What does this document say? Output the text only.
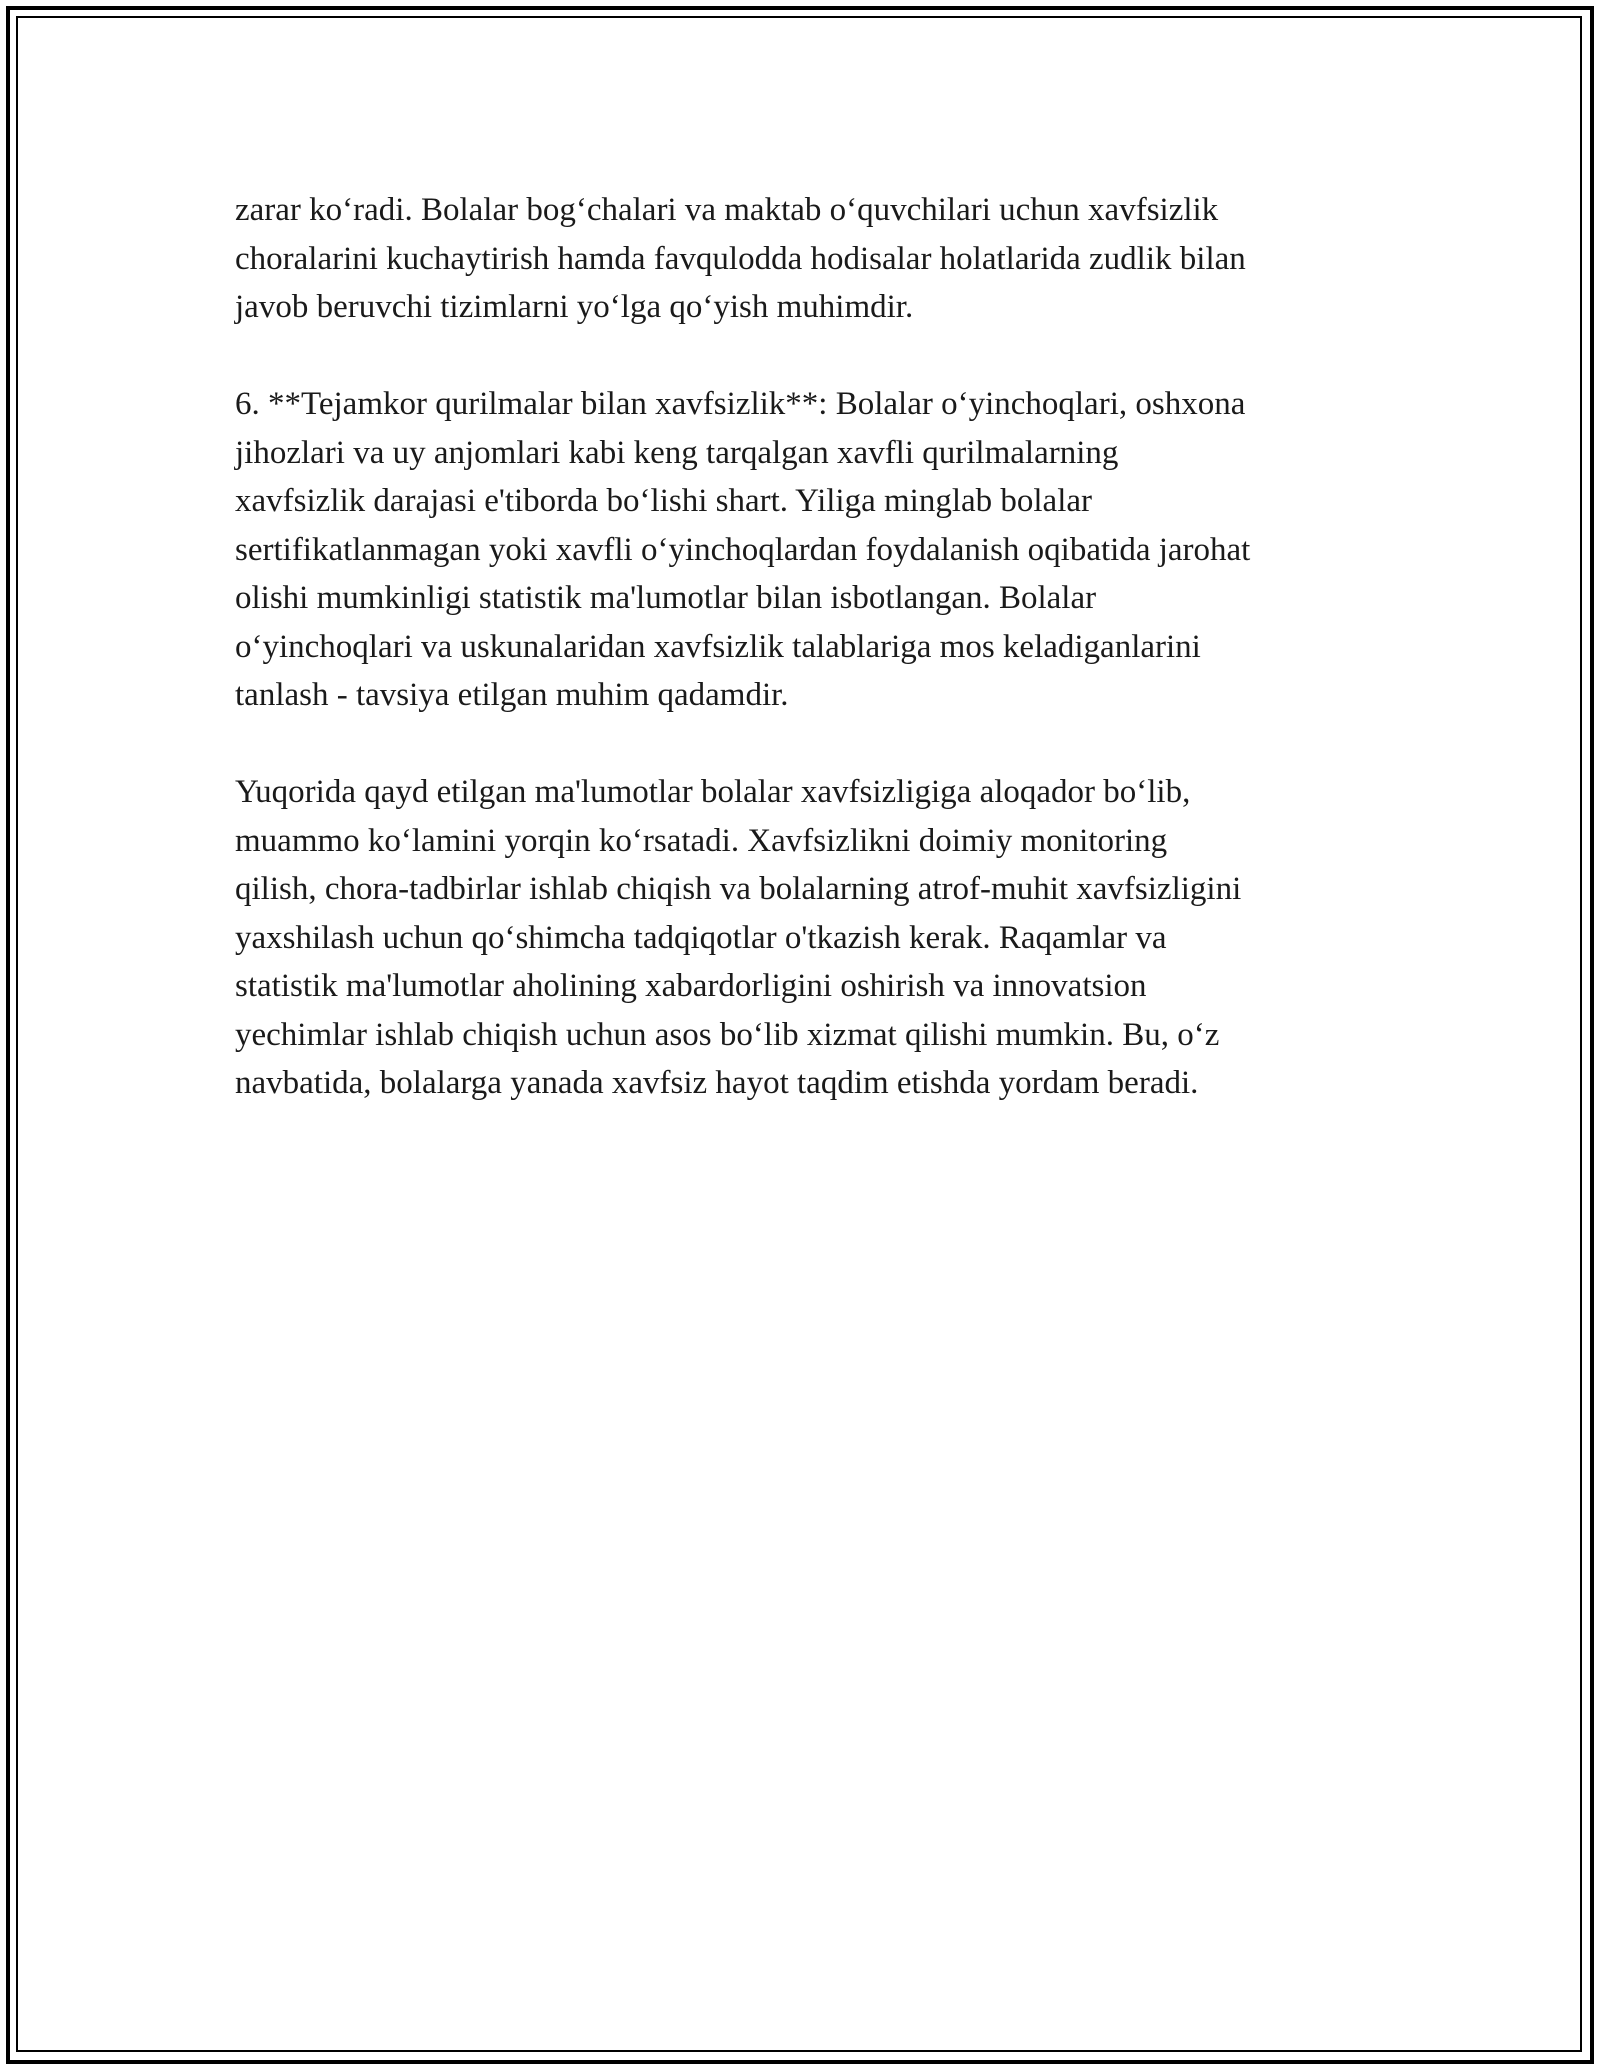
zarar ko‘radi. Bolalar bog‘chalari va maktab o‘quvchilari uchun xavfsizlik
choralarini kuchaytirish hamda favqulodda hodisalar holatlarida zudlik bilan
javob beruvchi tizimlarni yo‘lga qo‘yish muhimdir.

6. **Tejamkor qurilmalar bilan xavfsizlik**: Bolalar o‘yinchoqlari, oshxona
jihozlari va uy anjomlari kabi keng tarqalgan xavfli qurilmalarning
xavfsizlik darajasi e'tiborda bo‘lishi shart. Yiliga minglab bolalar
sertifikatlanmagan yoki xavfli o‘yinchoqlardan foydalanish oqibatida jarohat
olishi mumkinligi statistik ma'lumotlar bilan isbotlangan. Bolalar
o‘yinchoqlari va uskunalaridan xavfsizlik talablariga mos keladiganlarini
tanlash - tavsiya etilgan muhim qadamdir.

Yuqorida qayd etilgan ma'lumotlar bolalar xavfsizligiga aloqador bo‘lib,
muammo ko‘lamini yorqin ko‘rsatadi. Xavfsizlikni doimiy monitoring
qilish, chora-tadbirlar ishlab chiqish va bolalarning atrof-muhit xavfsizligini
yaxshilash uchun qo‘shimcha tadqiqotlar o'tkazish kerak. Raqamlar va
statistik ma'lumotlar aholining xabardorligini oshirish va innovatsion
yechimlar ishlab chiqish uchun asos bo‘lib xizmat qilishi mumkin. Bu, o‘z
navbatida, bolalarga yanada xavfsiz hayot taqdim etishda yordam beradi.
